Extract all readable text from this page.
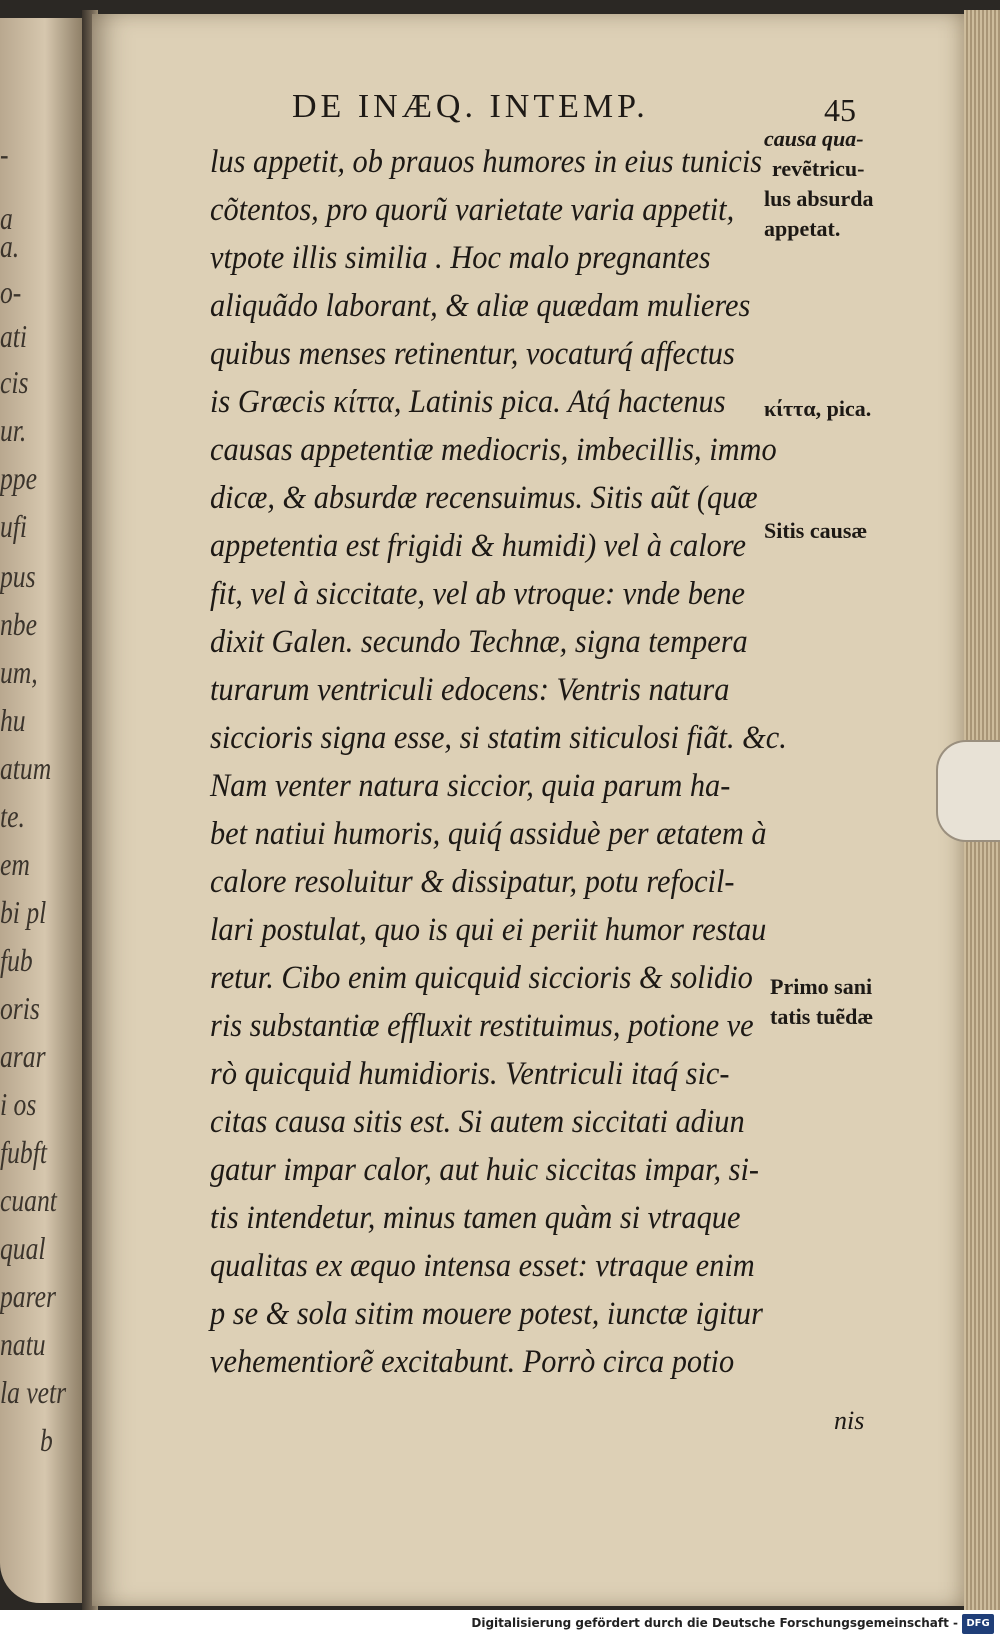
-
a
a.
o-
ati
cis
ur.
ppe
ufi
pus
nbe
um,
hu
atum
te.
em
bi pl
fub
oris
arar
i os
fubft
cuant
qual
parer
natu
la vetr
b
DE INÆQ. INTEMP.	45
lus appetit, ob prauos humores in eius tunicis
cõtentos, pro quorũ varietate varia appetit,
vtpote illis similia . Hoc malo pregnantes
aliquãdo laborant, & aliæ quædam mulieres
quibus menses retinentur, vocaturq́ affectus
is Græcis κίττα, Latinis pica. Atq́ hactenus
causas appetentiæ mediocris, imbecillis, immo
dicæ, & absurdæ recensuimus. Sitis aũt (quæ
appetentia est frigidi & humidi) vel à calore
fit, vel à siccitate, vel ab vtroque: vnde bene
dixit Galen. secundo Technæ, signa tempera
turarum ventriculi edocens: Ventris natura
siccioris signa esse, si statim siticulosi fiãt. &c.
Nam venter natura siccior, quia parum ha-
bet natiui humoris, quiq́ assiduè per ætatem à
calore resoluitur & dissipatur, potu refocil-
lari postulat, quo is qui ei periit humor restau
retur. Cibo enim quicquid siccioris & solidio
ris substantiæ effluxit restituimus, potione ve
rò quicquid humidioris. Ventriculi itaq́ sic-
citas causa sitis est. Si autem siccitati adiun
gatur impar calor, aut huic siccitas impar, si-
tis intendetur, minus tamen quàm si vtraque
qualitas ex æquo intensa esset: vtraque enim
p se & sola sitim mouere potest, iunctæ igitur
vehementiorẽ excitabunt. Porrò circa potio
nis
causa qua-
revẽtricu-
lus absurda
appetat.
κίττα, pica.
Sitis causæ
Primo sani
tatis tuẽdæ
Digitalisierung gefördert durch die Deutsche Forschungsgemeinschaft - DFG
